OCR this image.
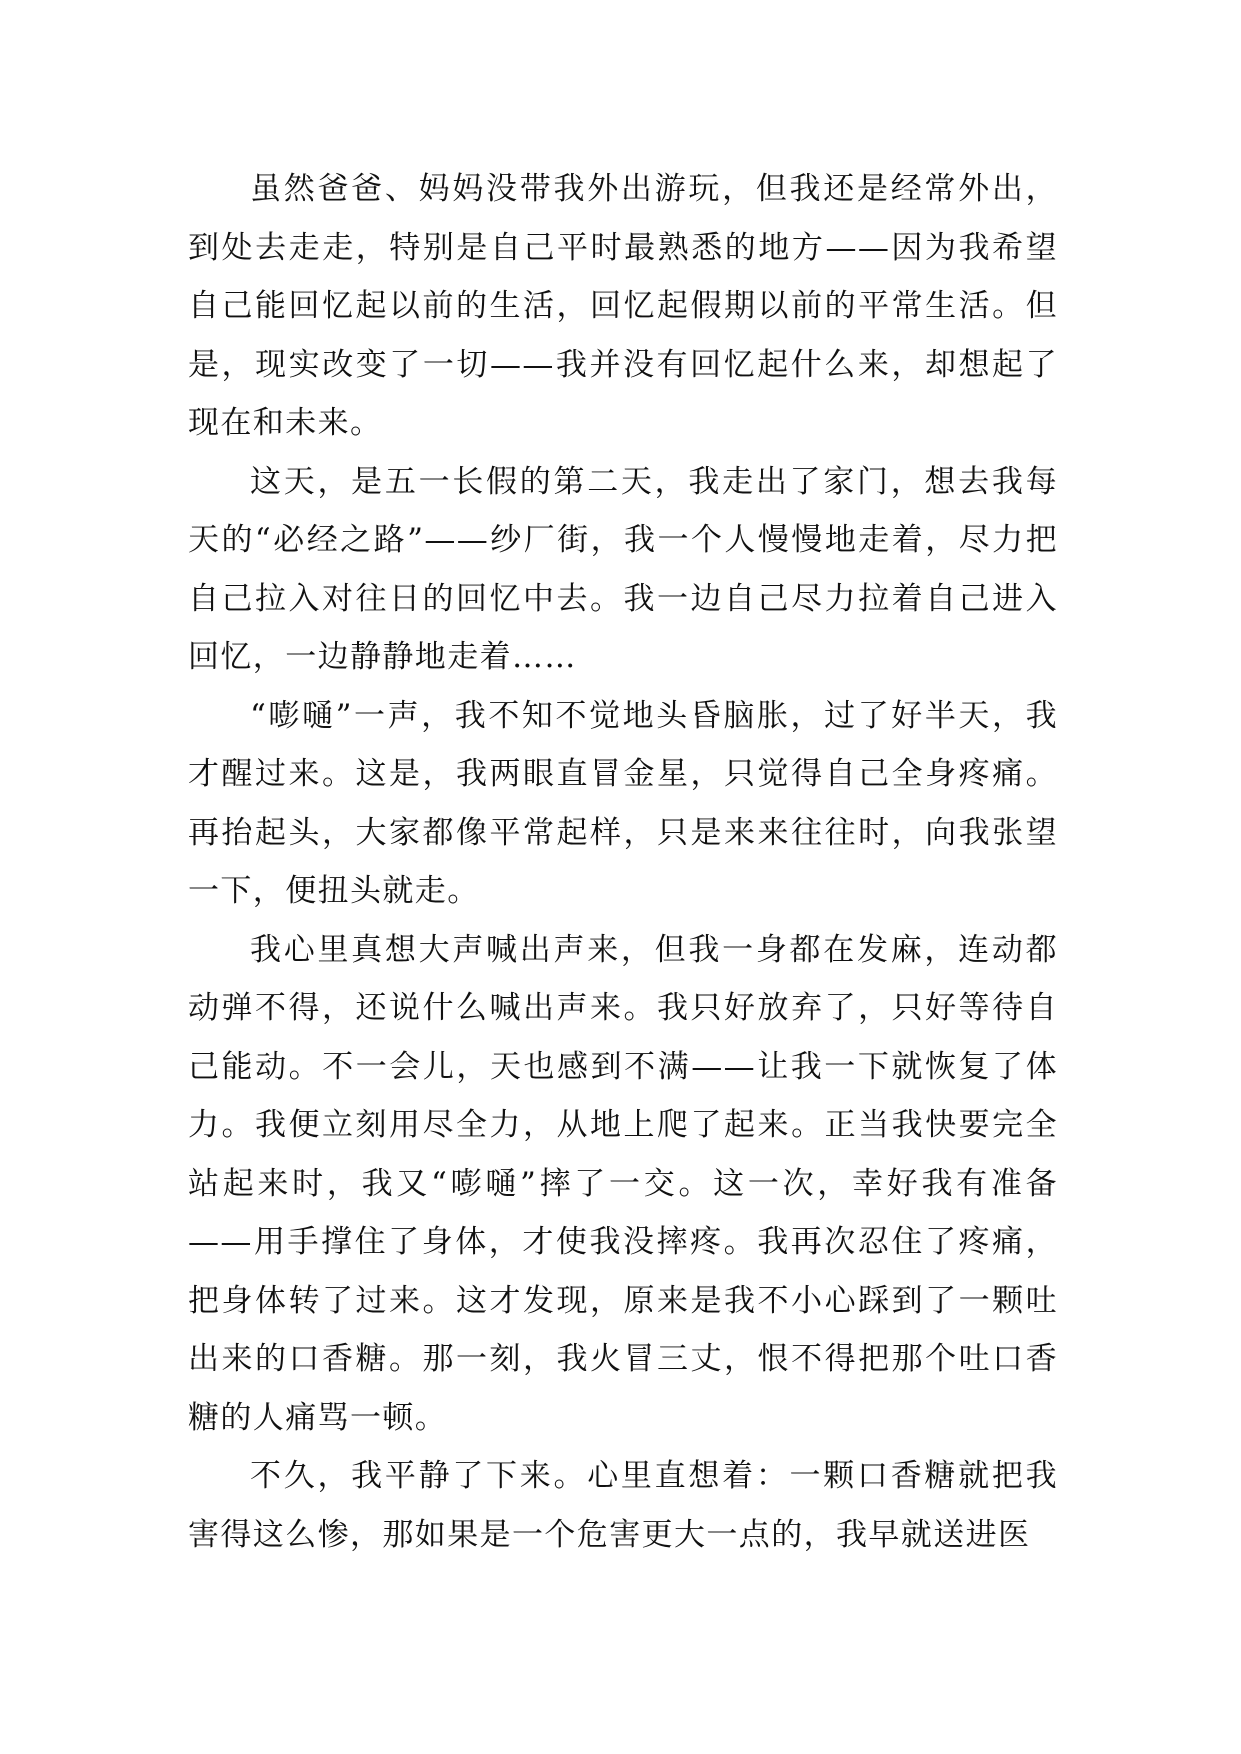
虽然爸爸、妈妈没带我外出游玩，但我还是经常外出，到处去走走，特别是自己平时最熟悉的地方——因为我希望自己能回忆起以前的生活，回忆起假期以前的平常生活。但是，现实改变了一切——我并没有回忆起什么来，却想起了现在和未来。

这天，是五一长假的第二天，我走出了家门，想去我每天的“必经之路”——纱厂街，我一个人慢慢地走着，尽力把自己拉入对往日的回忆中去。我一边自己尽力拉着自己进入回忆，一边静静地走着……

“嘭嗵”一声，我不知不觉地头昏脑胀，过了好半天，我才醒过来。这是，我两眼直冒金星，只觉得自己全身疼痛。再抬起头，大家都像平常起样，只是来来往往时，向我张望一下，便扭头就走。

我心里真想大声喊出声来，但我一身都在发麻，连动都动弹不得，还说什么喊出声来。我只好放弃了，只好等待自己能动。不一会儿，天也感到不满——让我一下就恢复了体力。我便立刻用尽全力，从地上爬了起来。正当我快要完全站起来时，我又“嘭嗵”摔了一交。这一次，幸好我有准备——用手撑住了身体，才使我没摔疼。我再次忍住了疼痛，把身体转了过来。这才发现，原来是我不小心踩到了一颗吐出来的口香糖。那一刻，我火冒三丈，恨不得把那个吐口香糖的人痛骂一顿。

不久，我平静了下来。心里直想着：一颗口香糖就把我害得这么惨，那如果是一个危害更大一点的，我早就送进医
